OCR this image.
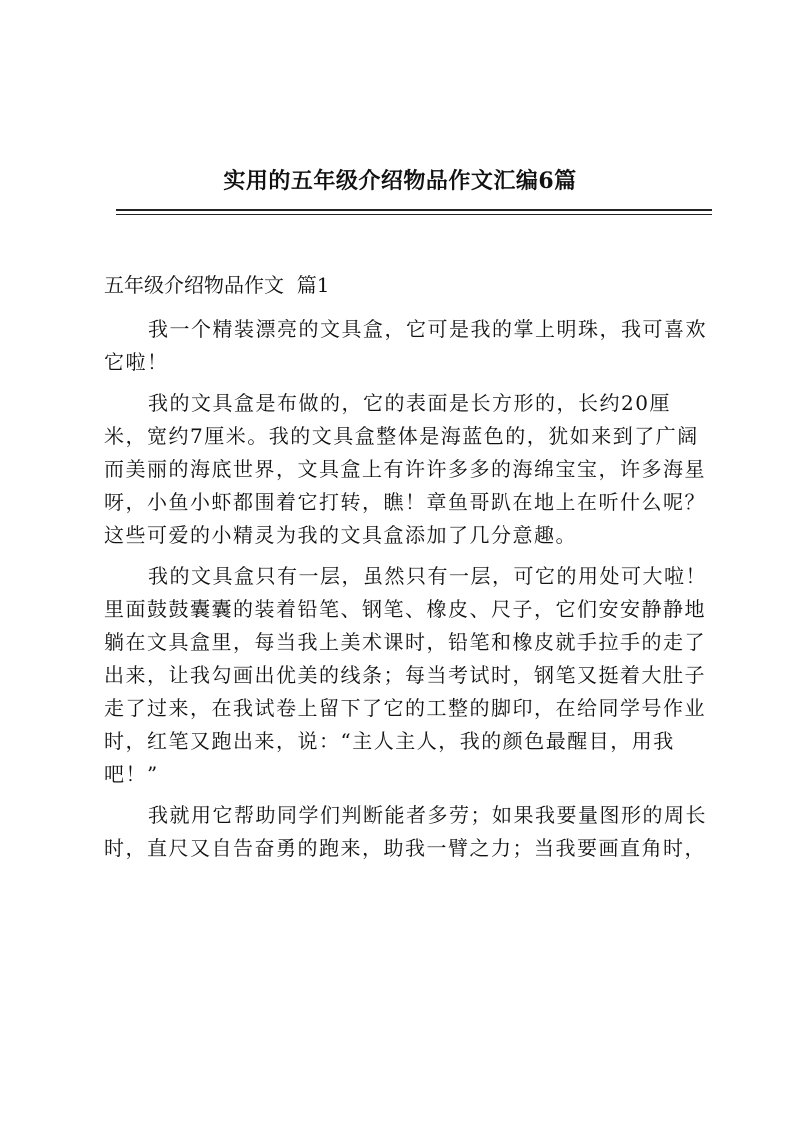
实用的五年级介绍物品作文汇编6篇
五年级介绍物品作文  篇1
我一个精装漂亮的文具盒，它可是我的掌上明珠，我可喜欢
它啦！
我的文具盒是布做的，它的表面是长方形的，长约20厘
米，宽约7厘米。我的文具盒整体是海蓝色的，犹如来到了广阔
而美丽的海底世界，文具盒上有许许多多的海绵宝宝，许多海星
呀，小鱼小虾都围着它打转，瞧！章鱼哥趴在地上在听什么呢？
这些可爱的小精灵为我的文具盒添加了几分意趣。
我的文具盒只有一层，虽然只有一层，可它的用处可大啦！
里面鼓鼓囊囊的装着铅笔、钢笔、橡皮、尺子，它们安安静静地
躺在文具盒里，每当我上美术课时，铅笔和橡皮就手拉手的走了
出来，让我勾画出优美的线条；每当考试时，钢笔又挺着大肚子
走了过来，在我试卷上留下了它的工整的脚印，在给同学号作业
时，红笔又跑出来，说：“主人主人，我的颜色最醒目，用我
吧！”
我就用它帮助同学们判断能者多劳；如果我要量图形的周长
时，直尺又自告奋勇的跑来，助我一臂之力；当我要画直角时，
